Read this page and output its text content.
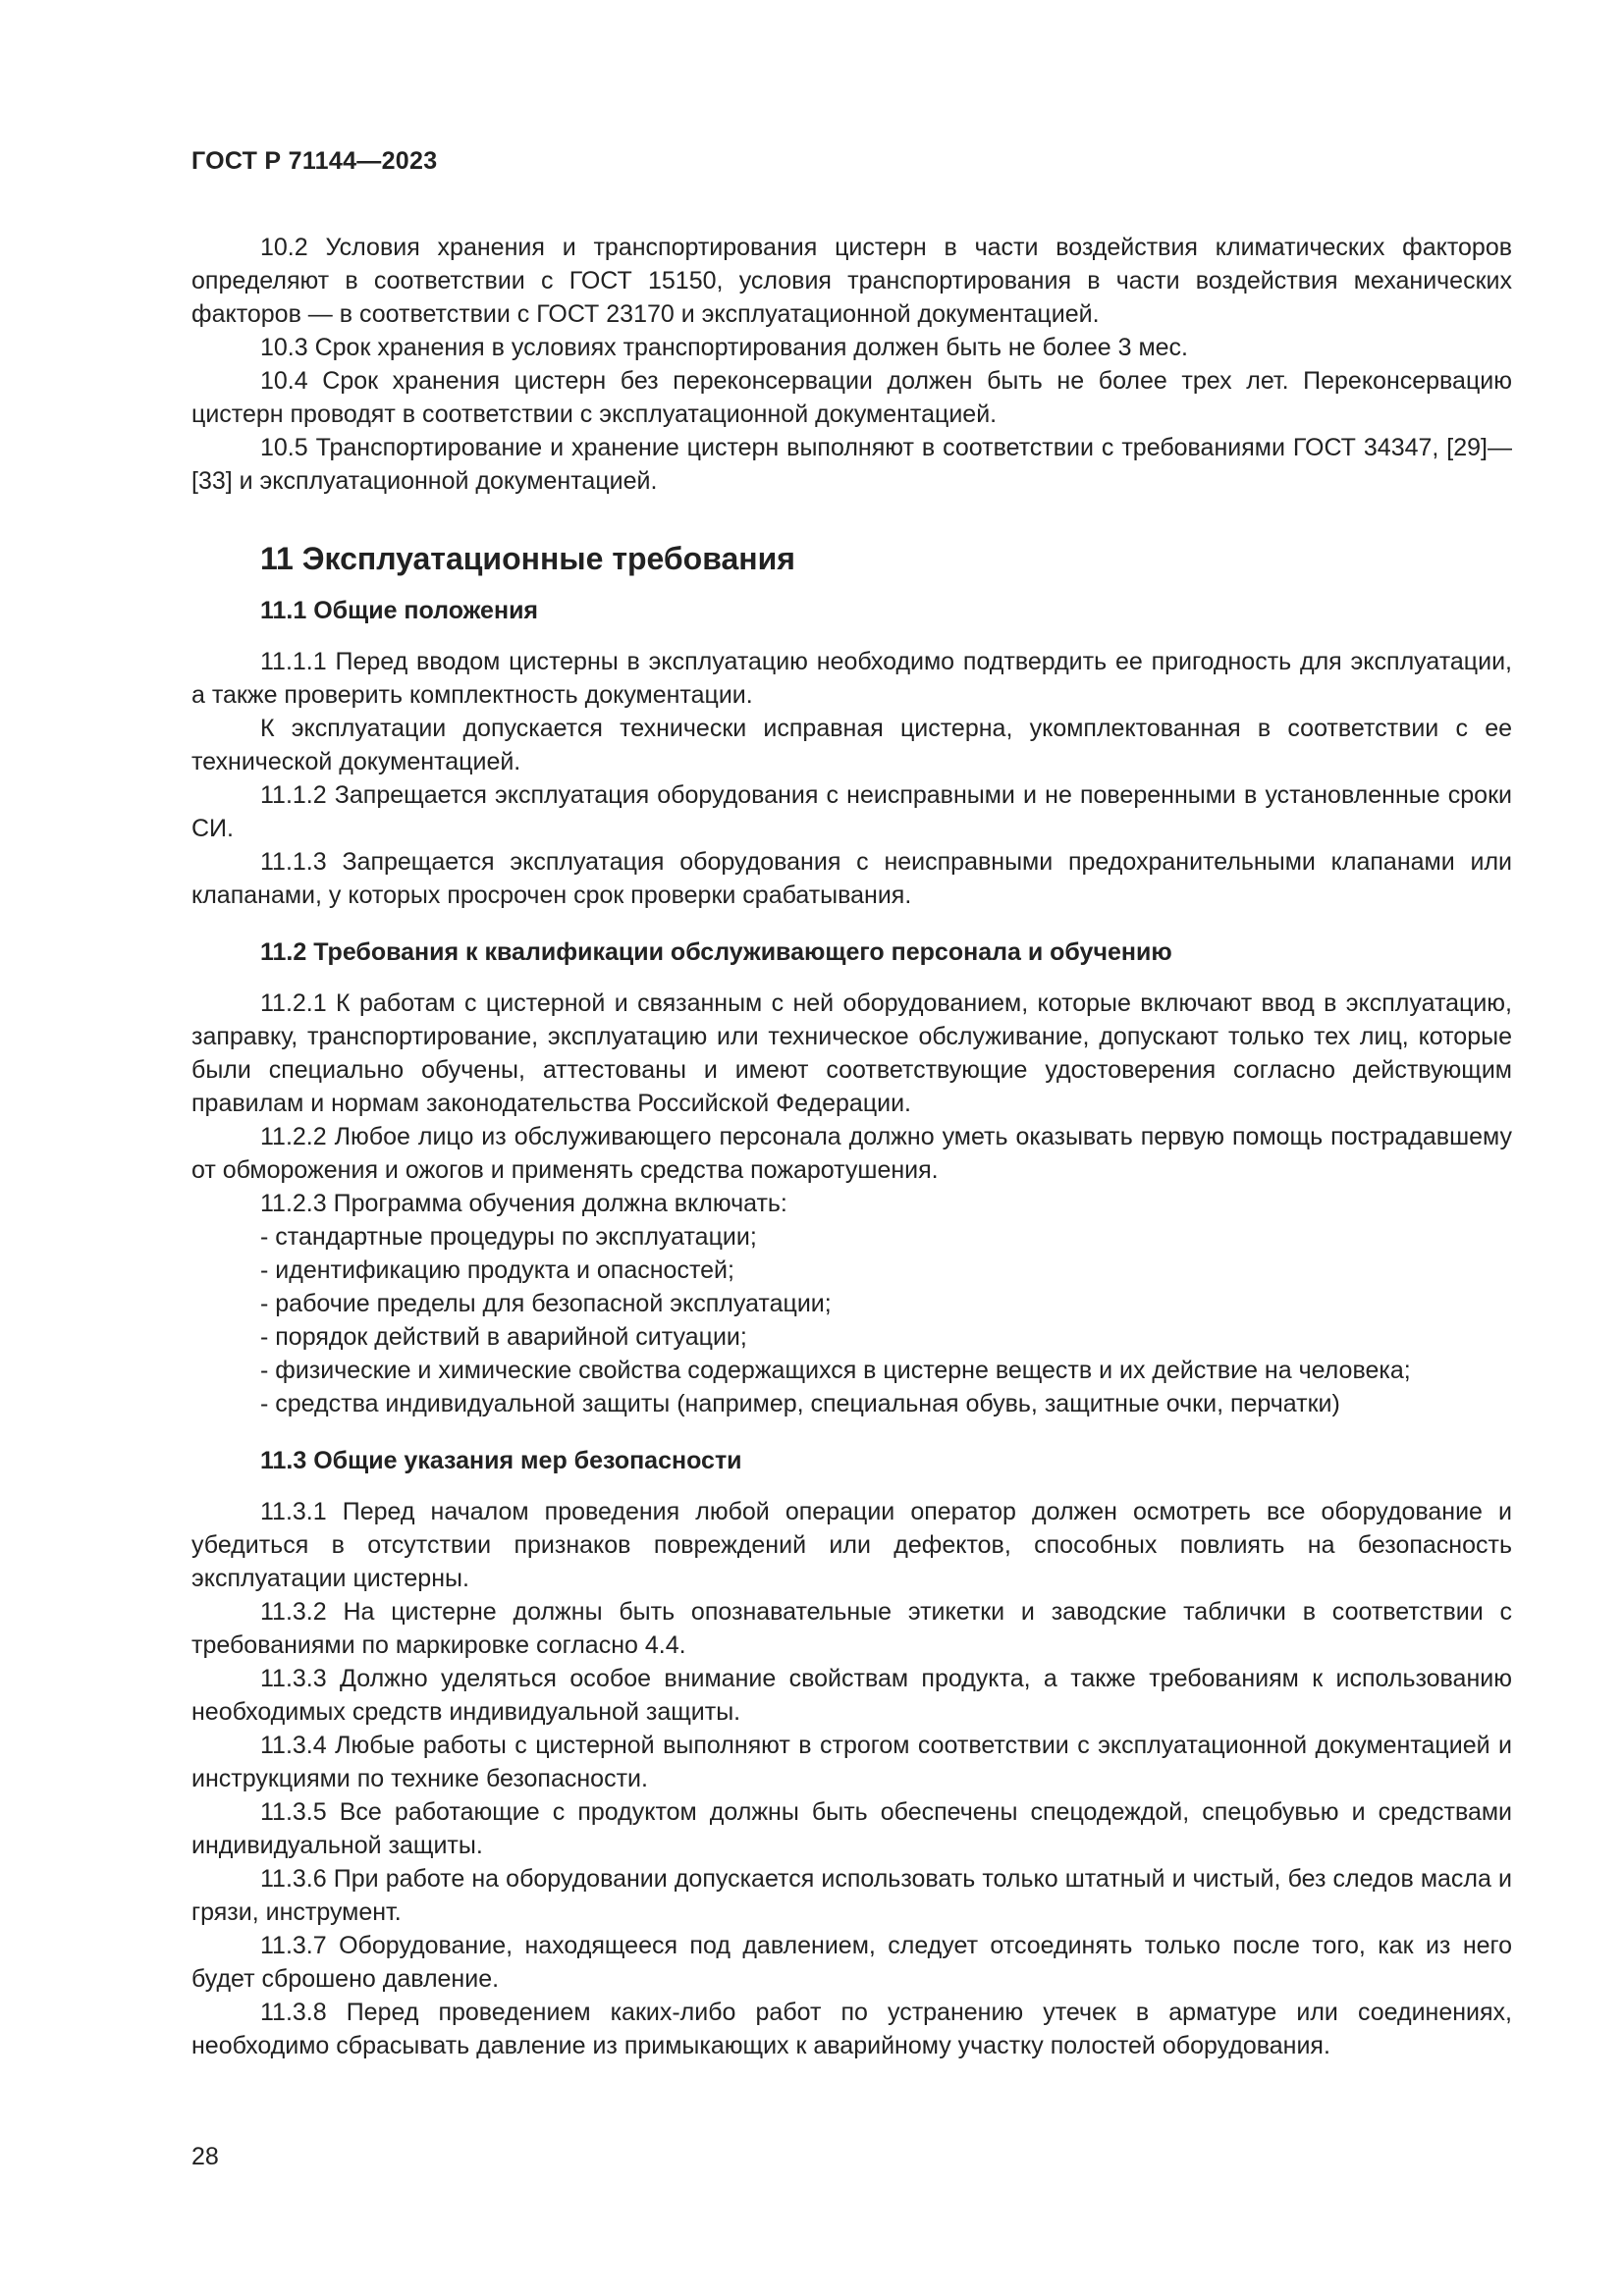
ГОСТ Р 71144—2023

10.2 Условия хранения и транспортирования цистерн в части воздействия климатических факторов определяют в соответствии с ГОСТ 15150, условия транспортирования в части воздействия механических факторов — в соответствии с ГОСТ 23170 и эксплуатационной документацией.

10.3 Срок хранения в условиях транспортирования должен быть не более 3 мес.

10.4 Срок хранения цистерн без переконсервации должен быть не более трех лет. Переконсервацию цистерн проводят в соответствии с эксплуатационной документацией.

10.5 Транспортирование и хранение цистерн выполняют в соответствии с требованиями ГОСТ 34347, [29]—[33] и эксплуатационной документацией.

11 Эксплуатационные требования
11.1 Общие положения

11.1.1 Перед вводом цистерны в эксплуатацию необходимо подтвердить ее пригодность для эксплуатации, а также проверить комплектность документации.

К эксплуатации допускается технически исправная цистерна, укомплектованная в соответствии с ее технической документацией.

11.1.2 Запрещается эксплуатация оборудования с неисправными и не поверенными в установленные сроки СИ.

11.1.3 Запрещается эксплуатация оборудования с неисправными предохранительными клапанами или клапанами, у которых просрочен срок проверки срабатывания.

11.2 Требования к квалификации обслуживающего персонала и обучению

11.2.1 К работам с цистерной и связанным с ней оборудованием, которые включают ввод в эксплуатацию, заправку, транспортирование, эксплуатацию или техническое обслуживание, допускают только тех лиц, которые были специально обучены, аттестованы и имеют соответствующие удостоверения согласно действующим правилам и нормам законодательства Российской Федерации.

11.2.2 Любое лицо из обслуживающего персонала должно уметь оказывать первую помощь пострадавшему от обморожения и ожогов и применять средства пожаротушения.

11.2.3 Программа обучения должна включать:

- стандартные процедуры по эксплуатации;

- идентификацию продукта и опасностей;

- рабочие пределы для безопасной эксплуатации;

- порядок действий в аварийной ситуации;

- физические и химические свойства содержащихся в цистерне веществ и их действие на человека;

- средства индивидуальной защиты (например, специальная обувь, защитные очки, перчатки)

11.3 Общие указания мер безопасности

11.3.1 Перед началом проведения любой операции оператор должен осмотреть все оборудование и убедиться в отсутствии признаков повреждений или дефектов, способных повлиять на безопасность эксплуатации цистерны.

11.3.2 На цистерне должны быть опознавательные этикетки и заводские таблички в соответствии с требованиями по маркировке согласно 4.4.

11.3.3 Должно уделяться особое внимание свойствам продукта, а также требованиям к использованию необходимых средств индивидуальной защиты.

11.3.4 Любые работы с цистерной выполняют в строгом соответствии с эксплуатационной документацией и инструкциями по технике безопасности.

11.3.5 Все работающие с продуктом должны быть обеспечены спецодеждой, спецобувью и средствами индивидуальной защиты.

11.3.6 При работе на оборудовании допускается использовать только штатный и чистый, без следов масла и грязи, инструмент.

11.3.7 Оборудование, находящееся под давлением, следует отсоединять только после того, как из него будет сброшено давление.

11.3.8 Перед проведением каких-либо работ по устранению утечек в арматуре или соединениях, необходимо сбрасывать давление из примыкающих к аварийному участку полостей оборудования.

28
